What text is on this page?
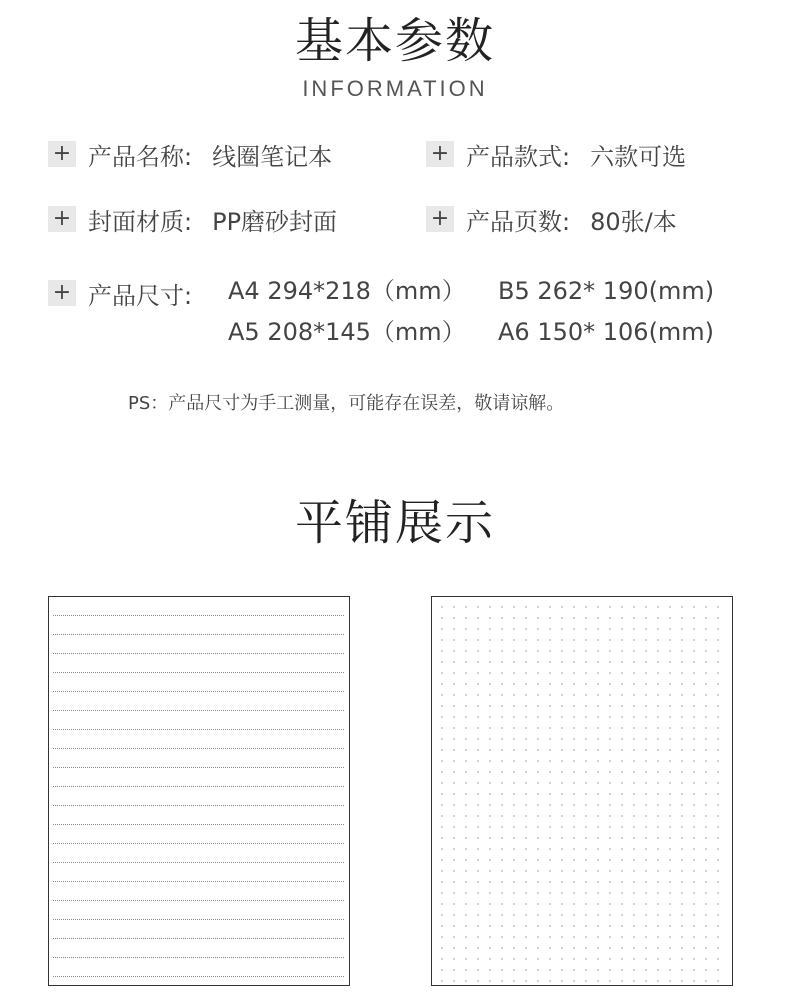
基本参数
INFORMATION
+ 产品名称: 线圈笔记本	+ 产品款式: 六款可选
+ 封面材质: PP磨砂封面	+ 产品页数: 80张/本
+ 产品尺寸: A4 294*218（mm） B5 262* 190(mm)
A5 208*145（mm） A6 150* 106(mm)
PS：产品尺寸为手工测量，可能存在误差，敬请谅解。
平铺展示
